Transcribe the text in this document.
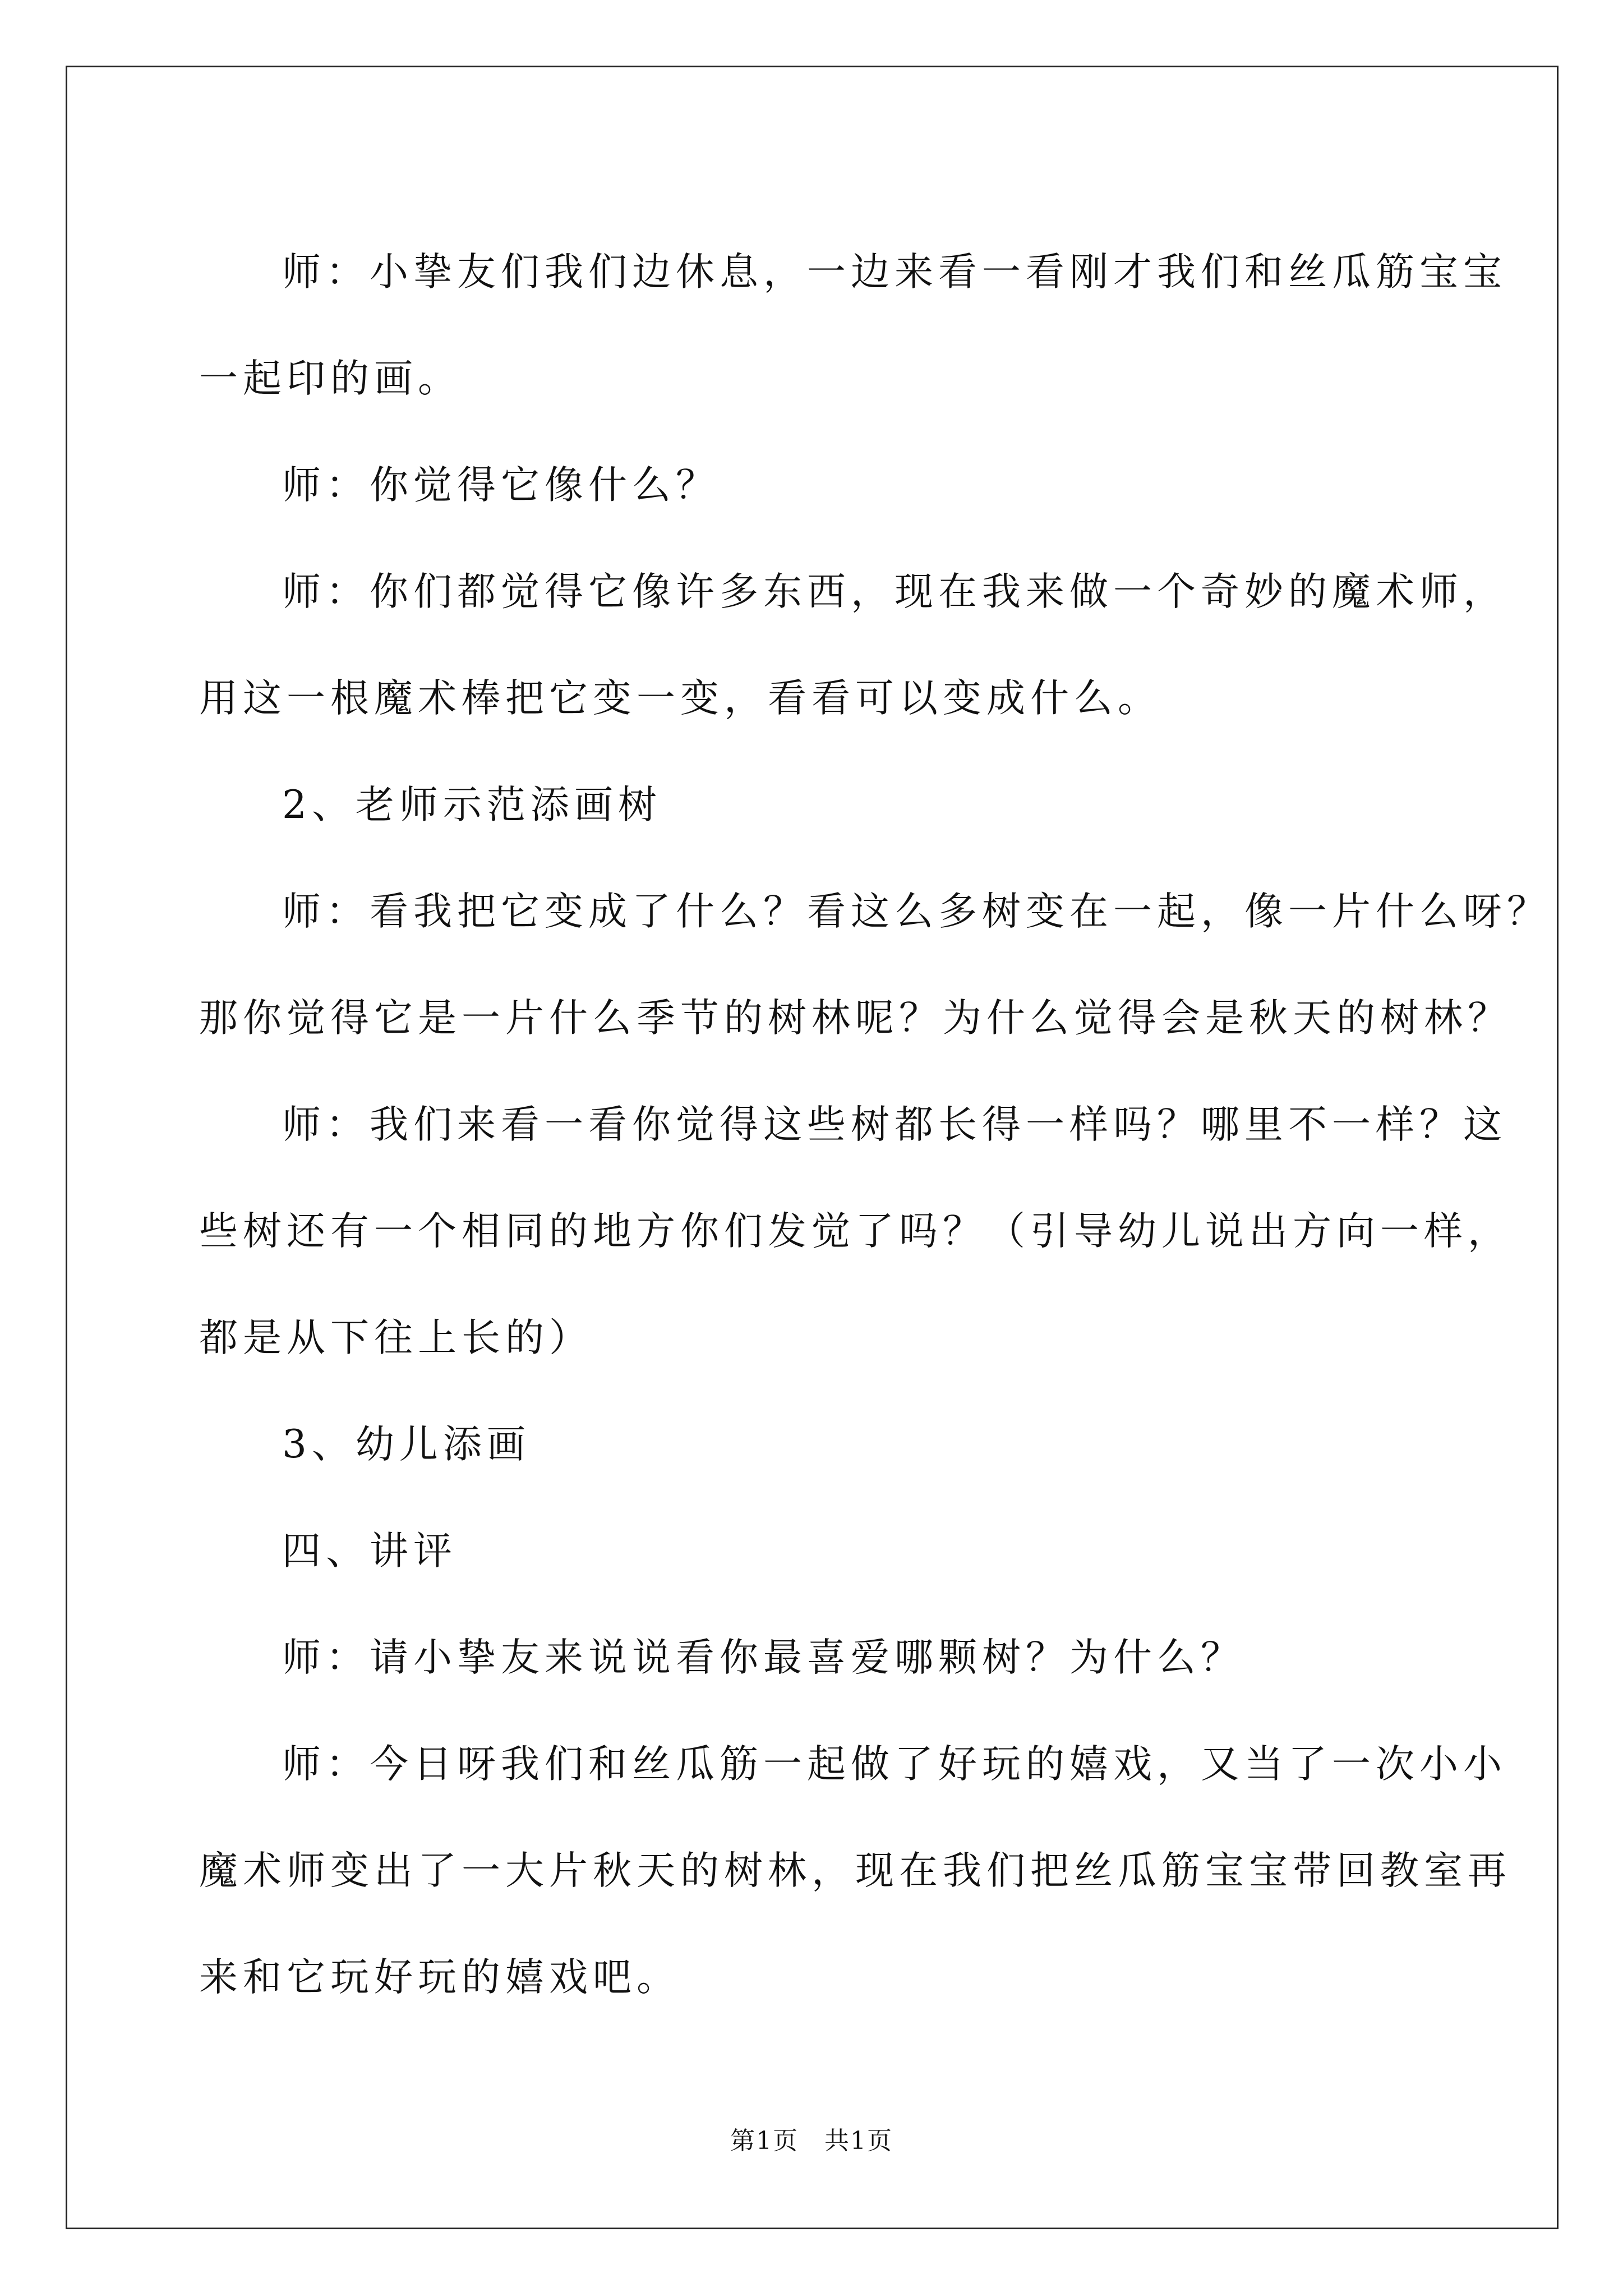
师：小挚友们我们边休息，一边来看一看刚才我们和丝瓜筋宝宝

一起印的画。

师：你觉得它像什么？

师：你们都觉得它像许多东西，现在我来做一个奇妙的魔术师，

用这一根魔术棒把它变一变，看看可以变成什么。

2、老师示范添画树

师：看我把它变成了什么？看这么多树变在一起，像一片什么呀？

那你觉得它是一片什么季节的树林呢？为什么觉得会是秋天的树林？

师：我们来看一看你觉得这些树都长得一样吗？哪里不一样？这

些树还有一个相同的地方你们发觉了吗？（引导幼儿说出方向一样，

都是从下往上长的）

3、幼儿添画

四、讲评

师：请小挚友来说说看你最喜爱哪颗树？为什么？

师：今日呀我们和丝瓜筋一起做了好玩的嬉戏，又当了一次小小

魔术师变出了一大片秋天的树林，现在我们把丝瓜筋宝宝带回教室再

来和它玩好玩的嬉戏吧。

第1页 共1页
